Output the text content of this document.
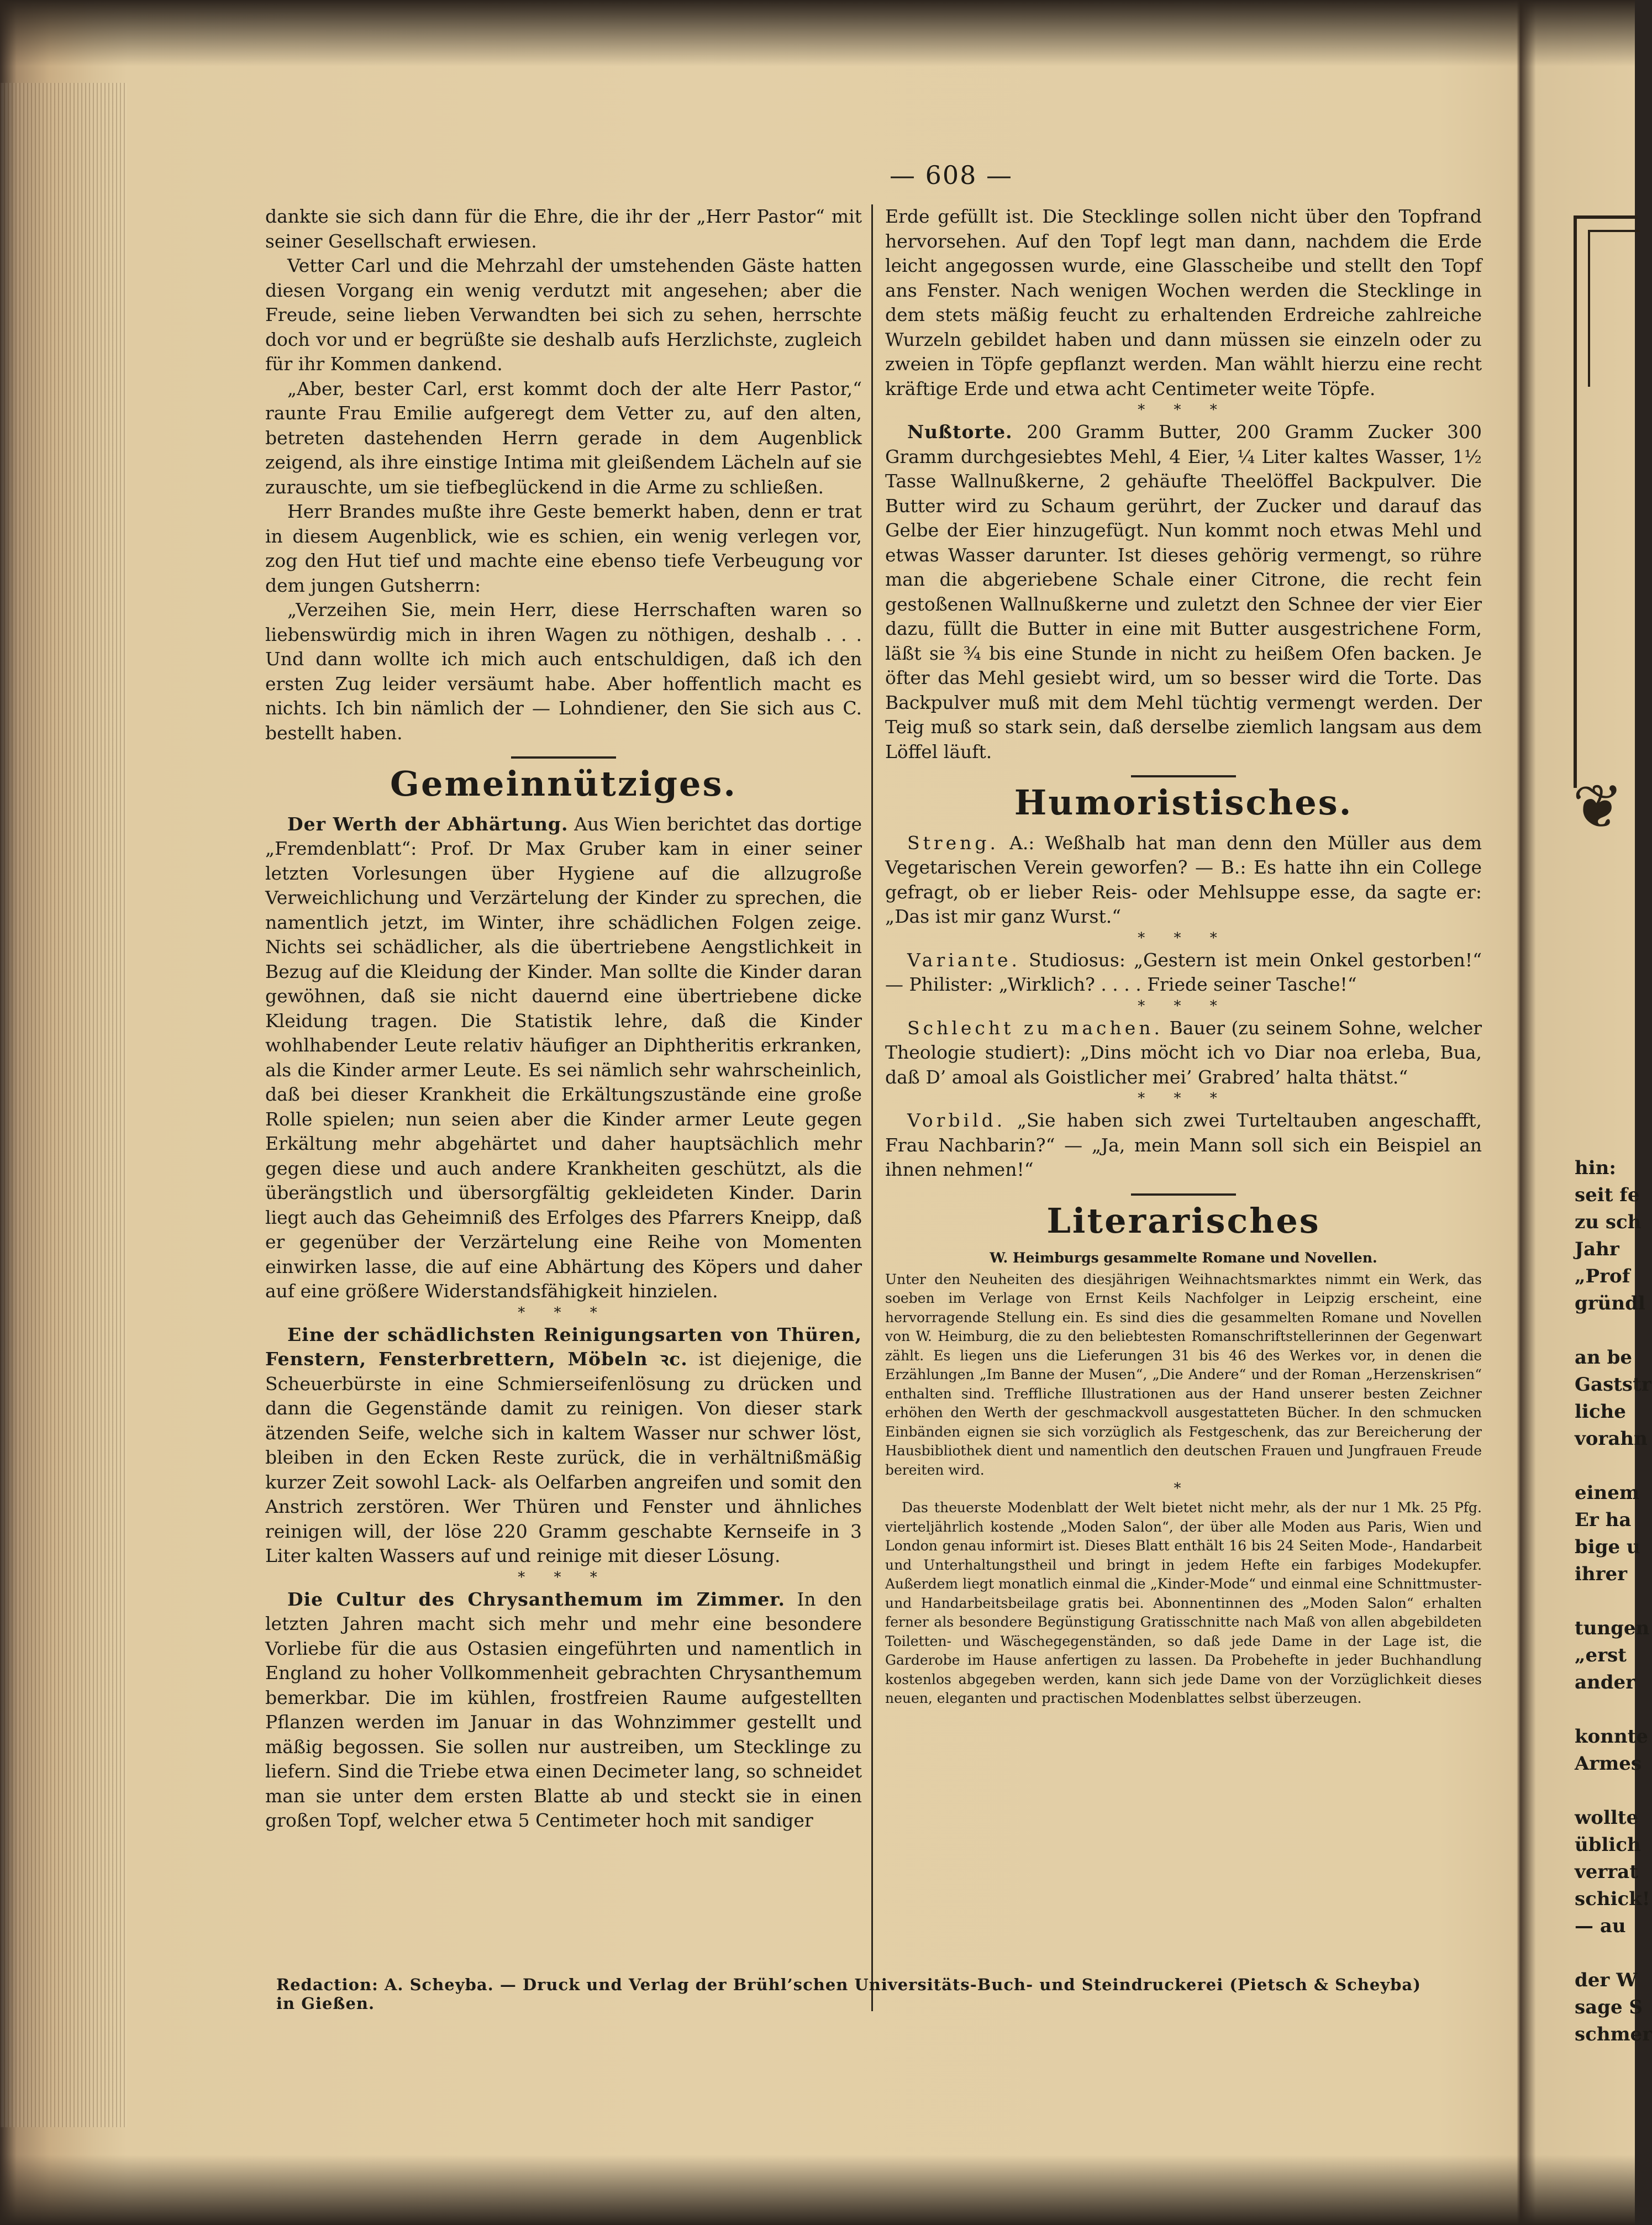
— 608 —

dankte sie sich dann für die Ehre, die ihr der „Herr Pastor“ mit seiner Gesellschaft erwiesen.

Vetter Carl und die Mehrzahl der umstehenden Gäste hatten diesen Vorgang ein wenig verdutzt mit angesehen; aber die Freude, seine lieben Verwandten bei sich zu sehen, herrschte doch vor und er begrüßte sie deshalb aufs Herzlichste, zugleich für ihr Kommen dankend.

„Aber, bester Carl, erst kommt doch der alte Herr Pastor,“ raunte Frau Emilie aufgeregt dem Vetter zu, auf den alten, betreten dastehenden Herrn gerade in dem Augenblick zeigend, als ihre einstige Intima mit gleißendem Lächeln auf sie zurauschte, um sie tiefbeglückend in die Arme zu schließen.

Herr Brandes mußte ihre Geste bemerkt haben, denn er trat in diesem Augenblick, wie es schien, ein wenig verlegen vor, zog den Hut tief und machte eine ebenso tiefe Verbeugung vor dem jungen Gutsherrn:

„Verzeihen Sie, mein Herr, diese Herrschaften waren so liebenswürdig mich in ihren Wagen zu nöthigen, deshalb . . . Und dann wollte ich mich auch entschuldigen, daß ich den ersten Zug leider versäumt habe. Aber hoffentlich macht es nichts. Ich bin nämlich der — Lohndiener, den Sie sich aus C. bestellt haben.

Gemeinnütziges.

Der Werth der Abhärtung. Aus Wien berichtet das dortige „Fremdenblatt“: Prof. Dr Max Gruber kam in einer seiner letzten Vorlesungen über Hygiene auf die allzugroße Verweichlichung und Verzärtelung der Kinder zu sprechen, die namentlich jetzt, im Winter, ihre schädlichen Folgen zeige. Nichts sei schädlicher, als die übertriebene Aengstlichkeit in Bezug auf die Kleidung der Kinder. Man sollte die Kinder daran gewöhnen, daß sie nicht dauernd eine übertriebene dicke Kleidung tragen. Die Statistik lehre, daß die Kinder wohlhabender Leute relativ häufiger an Diphtheritis erkranken, als die Kinder armer Leute. Es sei nämlich sehr wahrscheinlich, daß bei dieser Krankheit die Erkältungszustände eine große Rolle spielen; nun seien aber die Kinder armer Leute gegen Erkältung mehr abgehärtet und daher hauptsächlich mehr gegen diese und auch andere Krankheiten geschützt, als die überängstlich und übersorgfältig gekleideten Kinder. Darin liegt auch das Geheimniß des Erfolges des Pfarrers Kneipp, daß er gegenüber der Verzärtelung eine Reihe von Momenten einwirken lasse, die auf eine Abhärtung des Köpers und daher auf eine größere Widerstandsfähigkeit hinzielen.

* * *

Eine der schädlichsten Reinigungsarten von Thüren, Fenstern, Fensterbrettern, Möbeln ꝛc. ist diejenige, die Scheuerbürste in eine Schmierseifenlösung zu drücken und dann die Gegenstände damit zu reinigen. Von dieser stark ätzenden Seife, welche sich in kaltem Wasser nur schwer löst, bleiben in den Ecken Reste zurück, die in verhältnißmäßig kurzer Zeit sowohl Lack- als Oelfarben angreifen und somit den Anstrich zerstören. Wer Thüren und Fenster und ähnliches reinigen will, der löse 220 Gramm geschabte Kernseife in 3 Liter kalten Wassers auf und reinige mit dieser Lösung.

* * *

Die Cultur des Chrysanthemum im Zimmer. In den letzten Jahren macht sich mehr und mehr eine besondere Vorliebe für die aus Ostasien eingeführten und namentlich in England zu hoher Vollkommenheit gebrachten Chrysanthemum bemerkbar. Die im kühlen, frostfreien Raume aufgestellten Pflanzen werden im Januar in das Wohnzimmer gestellt und mäßig begossen. Sie sollen nur austreiben, um Stecklinge zu liefern. Sind die Triebe etwa einen Decimeter lang, so schneidet man sie unter dem ersten Blatte ab und steckt sie in einen großen Topf, welcher etwa 5 Centimeter hoch mit sandiger

Erde gefüllt ist. Die Stecklinge sollen nicht über den Topfrand hervorsehen. Auf den Topf legt man dann, nachdem die Erde leicht angegossen wurde, eine Glasscheibe und stellt den Topf ans Fenster. Nach wenigen Wochen werden die Stecklinge in dem stets mäßig feucht zu erhaltenden Erdreiche zahlreiche Wurzeln gebildet haben und dann müssen sie einzeln oder zu zweien in Töpfe gepflanzt werden. Man wählt hierzu eine recht kräftige Erde und etwa acht Centimeter weite Töpfe.

* * *

Nußtorte. 200 Gramm Butter, 200 Gramm Zucker 300 Gramm durchgesiebtes Mehl, 4 Eier, ¼ Liter kaltes Wasser, 1½ Tasse Wallnußkerne, 2 gehäufte Theelöffel Backpulver. Die Butter wird zu Schaum gerührt, der Zucker und darauf das Gelbe der Eier hinzugefügt. Nun kommt noch etwas Mehl und etwas Wasser darunter. Ist dieses gehörig vermengt, so rühre man die abgeriebene Schale einer Citrone, die recht fein gestoßenen Wallnußkerne und zuletzt den Schnee der vier Eier dazu, füllt die Butter in eine mit Butter ausgestrichene Form, läßt sie ¾ bis eine Stunde in nicht zu heißem Ofen backen. Je öfter das Mehl gesiebt wird, um so besser wird die Torte. Das Backpulver muß mit dem Mehl tüchtig vermengt werden. Der Teig muß so stark sein, daß derselbe ziemlich langsam aus dem Löffel läuft.

Humoristisches.

Streng. A.: Weßhalb hat man denn den Müller aus dem Vegetarischen Verein geworfen? — B.: Es hatte ihn ein College gefragt, ob er lieber Reis- oder Mehlsuppe esse, da sagte er: „Das ist mir ganz Wurst.“

* * *

Variante. Studiosus: „Gestern ist mein Onkel gestorben!“ — Philister: „Wirklich? . . . . Friede seiner Tasche!“

* * *

Schlecht zu machen. Bauer (zu seinem Sohne, welcher Theologie studiert): „Dins möcht ich vo Diar noa erleba, Bua, daß D’ amoal als Goistlicher mei’ Grabred’ halta thätst.“

* * *

Vorbild. „Sie haben sich zwei Turteltauben angeschafft, Frau Nachbarin?“ — „Ja, mein Mann soll sich ein Beispiel an ihnen nehmen!“

Literarisches
W. Heimburgs gesammelte Romane und Novellen.

Unter den Neuheiten des diesjährigen Weihnachtsmarktes nimmt ein Werk, das soeben im Verlage von Ernst Keils Nachfolger in Leipzig erscheint, eine hervorragende Stellung ein. Es sind dies die gesammelten Romane und Novellen von W. Heimburg, die zu den beliebtesten Romanschriftstellerinnen der Gegenwart zählt. Es liegen uns die Lieferungen 31 bis 46 des Werkes vor, in denen die Erzählungen „Im Banne der Musen“, „Die Andere“ und der Roman „Herzenskrisen“ enthalten sind. Treffliche Illustrationen aus der Hand unserer besten Zeichner erhöhen den Werth der geschmackvoll ausgestatteten Bücher. In den schmucken Einbänden eignen sie sich vorzüglich als Festgeschenk, das zur Bereicherung der Hausbibliothek dient und namentlich den deutschen Frauen und Jungfrauen Freude bereiten wird.

*

Das theuerste Modenblatt der Welt bietet nicht mehr, als der nur 1 Mk. 25 Pfg. vierteljährlich kostende „Moden Salon“, der über alle Moden aus Paris, Wien und London genau informirt ist. Dieses Blatt enthält 16 bis 24 Seiten Mode-, Handarbeit und Unterhaltungstheil und bringt in jedem Hefte ein farbiges Modekupfer. Außerdem liegt monatlich einmal die „Kinder-Mode“ und einmal eine Schnittmuster- und Handarbeitsbeilage gratis bei. Abonnentinnen des „Moden Salon“ erhalten ferner als besondere Begünstigung Gratisschnitte nach Maß von allen abgebildeten Toiletten- und Wäschegegenständen, so daß jede Dame in der Lage ist, die Garderobe im Hause anfertigen zu lassen. Da Probehefte in jeder Buchhandlung kostenlos abgegeben werden, kann sich jede Dame von der Vorzüglichkeit dieses neuen, eleganten und practischen Modenblattes selbst überzeugen.

Redaction: A. Scheyba. — Druck und Verlag der Brühl’schen Universitäts-Buch- und Steindruckerei (Pietsch & Scheyba) in Gießen.
❦
hin:
seit fe
zu sch
Jahr
„Prof
gründl
an be
Gaststr
liche
vorahn
einem
Er ha
bige u
ihrer
tungen
„erst
ander
konnte
Armes
wollte
üblich
verrat
schick!
— au
der W
sage S
schmer
